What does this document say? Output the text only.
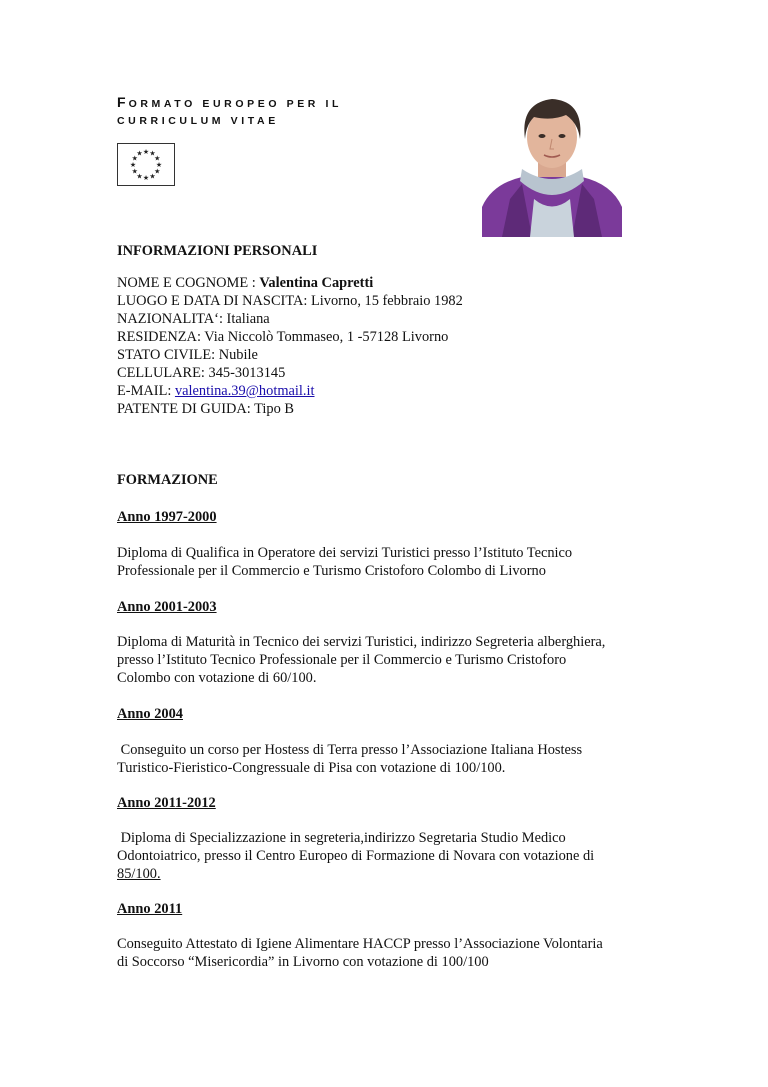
FORMATO EUROPEO PER IL
CURRICULUM VITAE
★ ★
★
★
★
★
★
★
★
★
★
★
INFORMAZIONI PERSONALI
NOME E COGNOME : Valentina Capretti
LUOGO E DATA DI NASCITA: Livorno, 15 febbraio 1982
NAZIONALITA‘: Italiana
RESIDENZA: Via Niccolò Tommaseo, 1 -57128 Livorno
STATO CIVILE: Nubile
CELLULARE: 345-3013145
E-MAIL: valentina.39@hotmail.it
PATENTE DI GUIDA: Tipo B
FORMAZIONE
Anno 1997-2000
Diploma di Qualifica in Operatore dei servizi Turistici presso l’Istituto Tecnico
Professionale per il Commercio e Turismo Cristoforo Colombo di Livorno
Anno 2001-2003
Diploma di Maturità in Tecnico dei servizi Turistici, indirizzo Segreteria alberghiera,
presso l’Istituto Tecnico Professionale per il Commercio e Turismo Cristoforo
Colombo con votazione di 60/100.
Anno 2004
Conseguito un corso per Hostess di Terra presso l’Associazione Italiana Hostess
Turistico-Fieristico-Congressuale di Pisa con votazione di 100/100.
Anno 2011-2012
Diploma di Specializzazione in segreteria,indirizzo Segretaria Studio Medico
Odontoiatrico, presso il Centro Europeo di Formazione di Novara con votazione di
85/100.
Anno 2011
Conseguito Attestato di Igiene Alimentare HACCP presso l’Associazione Volontaria
di Soccorso “Misericordia” in Livorno con votazione di 100/100
